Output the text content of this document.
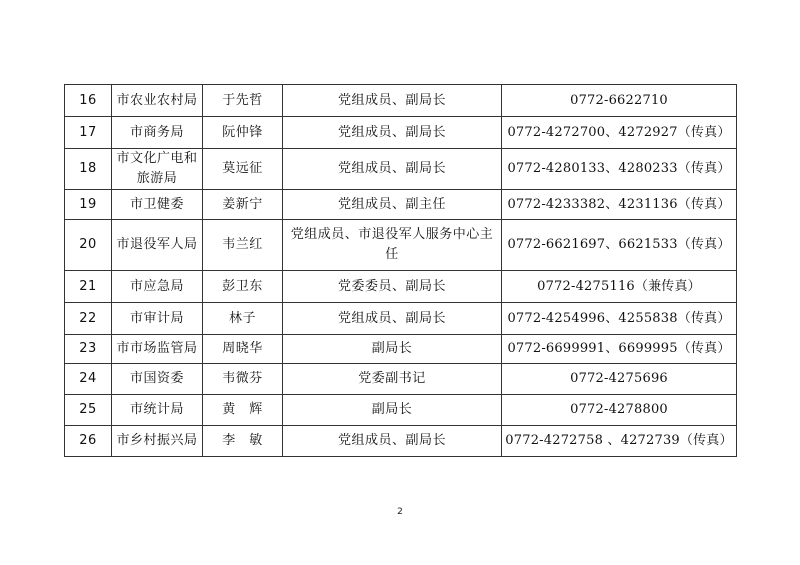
16	市农业农村局	于先哲	党组成员、副局长	0772-6622710
17	市商务局	阮仲锋	党组成员、副局长	0772-4272700、4272927（传真）
18	市文化广电和旅游局	莫远征	党组成员、副局长	0772-4280133、4280233（传真）
19	市卫健委	姜新宁	党组成员、副主任	0772-4233382、4231136（传真）
20	市退役军人局	韦兰红	党组成员、市退役军人服务中心主任	0772-6621697、6621533（传真）
21	市应急局	彭卫东	党委委员、副局长	0772-4275116（兼传真）
22	市审计局	林子	党组成员、副局长	0772-4254996、4255838（传真）
23	市市场监管局	周晓华	副局长	0772-6699991、6699995（传真）
24	市国资委	韦微芬	党委副书记	0772-4275696
25	市统计局	黄　辉	副局长	0772-4278800
26	市乡村振兴局	李　敏	党组成员、副局长	0772-4272758 、4272739（传真）
2
